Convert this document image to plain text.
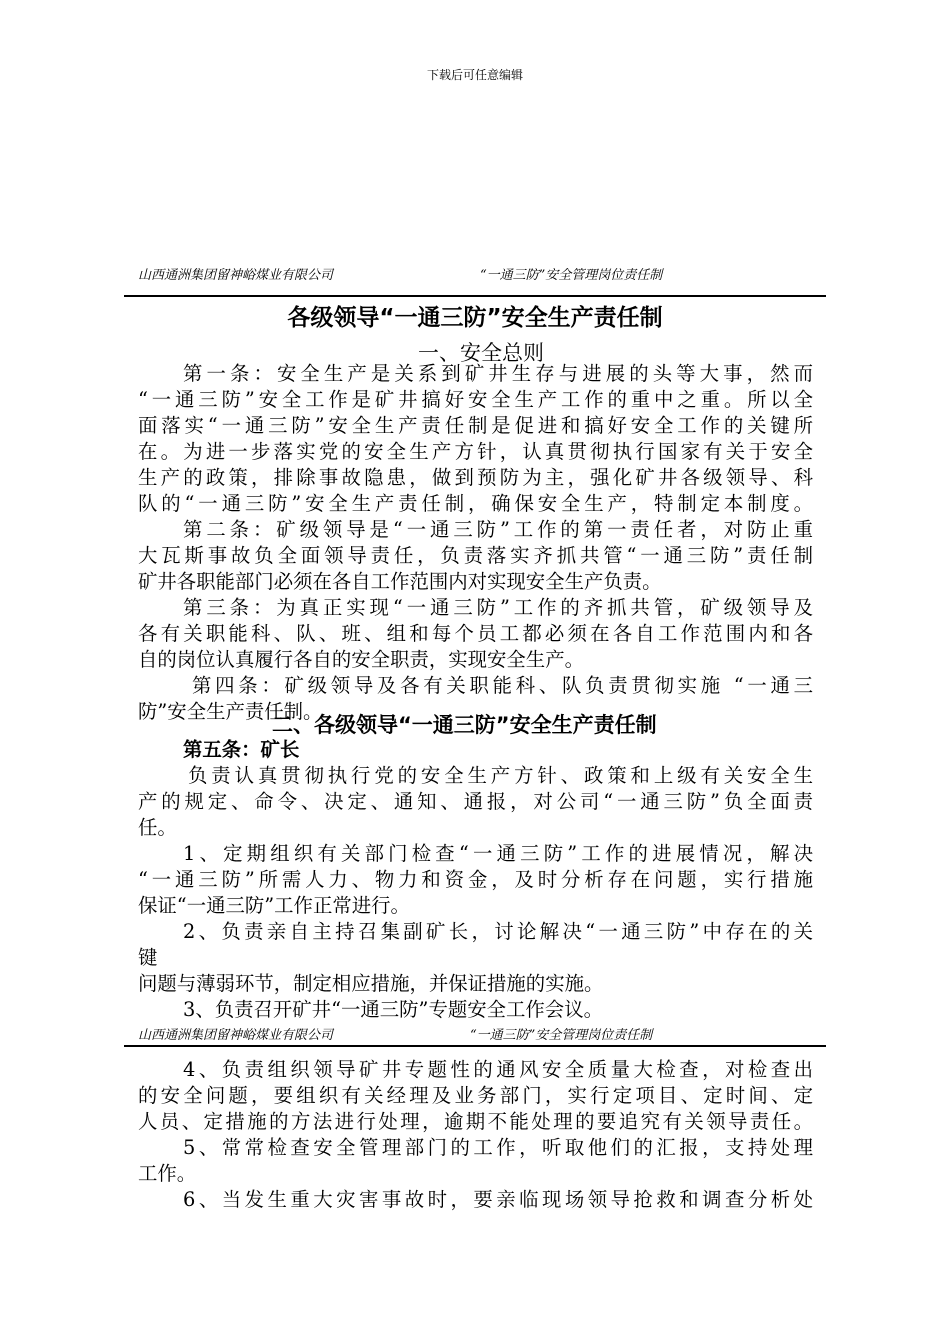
下载后可任意编辑
山西通洲集团留神峪煤业有限公司	“一通三防”安全管理岗位责任制
各级领导“一通三防”安全生产责任制
一、安全总则
第一条：安全生产是关系到矿井生存与进展的头等大事，然而
“一通三防”安全工作是矿井搞好安全生产工作的重中之重。所以全
面落实“一通三防”安全生产责任制是促进和搞好安全工作的关键所
在。为进一步落实党的安全生产方针，认真贯彻执行国家有关于安全
生产的政策，排除事故隐患，做到预防为主，强化矿井各级领导、科
队的“一通三防”安全生产责任制，确保安全生产，特制定本制度。
第二条：矿级领导是“一通三防”工作的第一责任者，对防止重
大瓦斯事故负全面领导责任，负责落实齐抓共管“一通三防”责任制
矿井各职能部门必须在各自工作范围内对实现安全生产负责。
第三条：为真正实现“一通三防”工作的齐抓共管，矿级领导及
各有关职能科、队、班、组和每个员工都必须在各自工作范围内和各
自的岗位认真履行各自的安全职责，实现安全生产。
第四条：矿级领导及各有关职能科、队负责贯彻实施 “一通三
防”安全生产责任制。
二、各级领导“一通三防”安全生产责任制
第五条：矿长
负责认真贯彻执行党的安全生产方针、政策和上级有关安全生
产的规定、命令、决定、通知、通报，对公司“一通三防”负全面责
任。
1、定期组织有关部门检查“一通三防”工作的进展情况，解决
“一通三防”所需人力、物力和资金，及时分析存在问题，实行措施
保证“一通三防”工作正常进行。
2、负责亲自主持召集副矿长，讨论解决“一通三防”中存在的关
键
问题与薄弱环节，制定相应措施，并保证措施的实施。
3、负责召开矿井“一通三防”专题安全工作会议。
山西通洲集团留神峪煤业有限公司	“一通三防”安全管理岗位责任制
4、负责组织领导矿井专题性的通风安全质量大检查，对检查出
的安全问题，要组织有关经理及业务部门，实行定项目、定时间、定
人员、定措施的方法进行处理，逾期不能处理的要追究有关领导责任。
5、常常检查安全管理部门的工作，听取他们的汇报，支持处理
工作。
6、当发生重大灾害事故时，要亲临现场领导抢救和调查分析处
